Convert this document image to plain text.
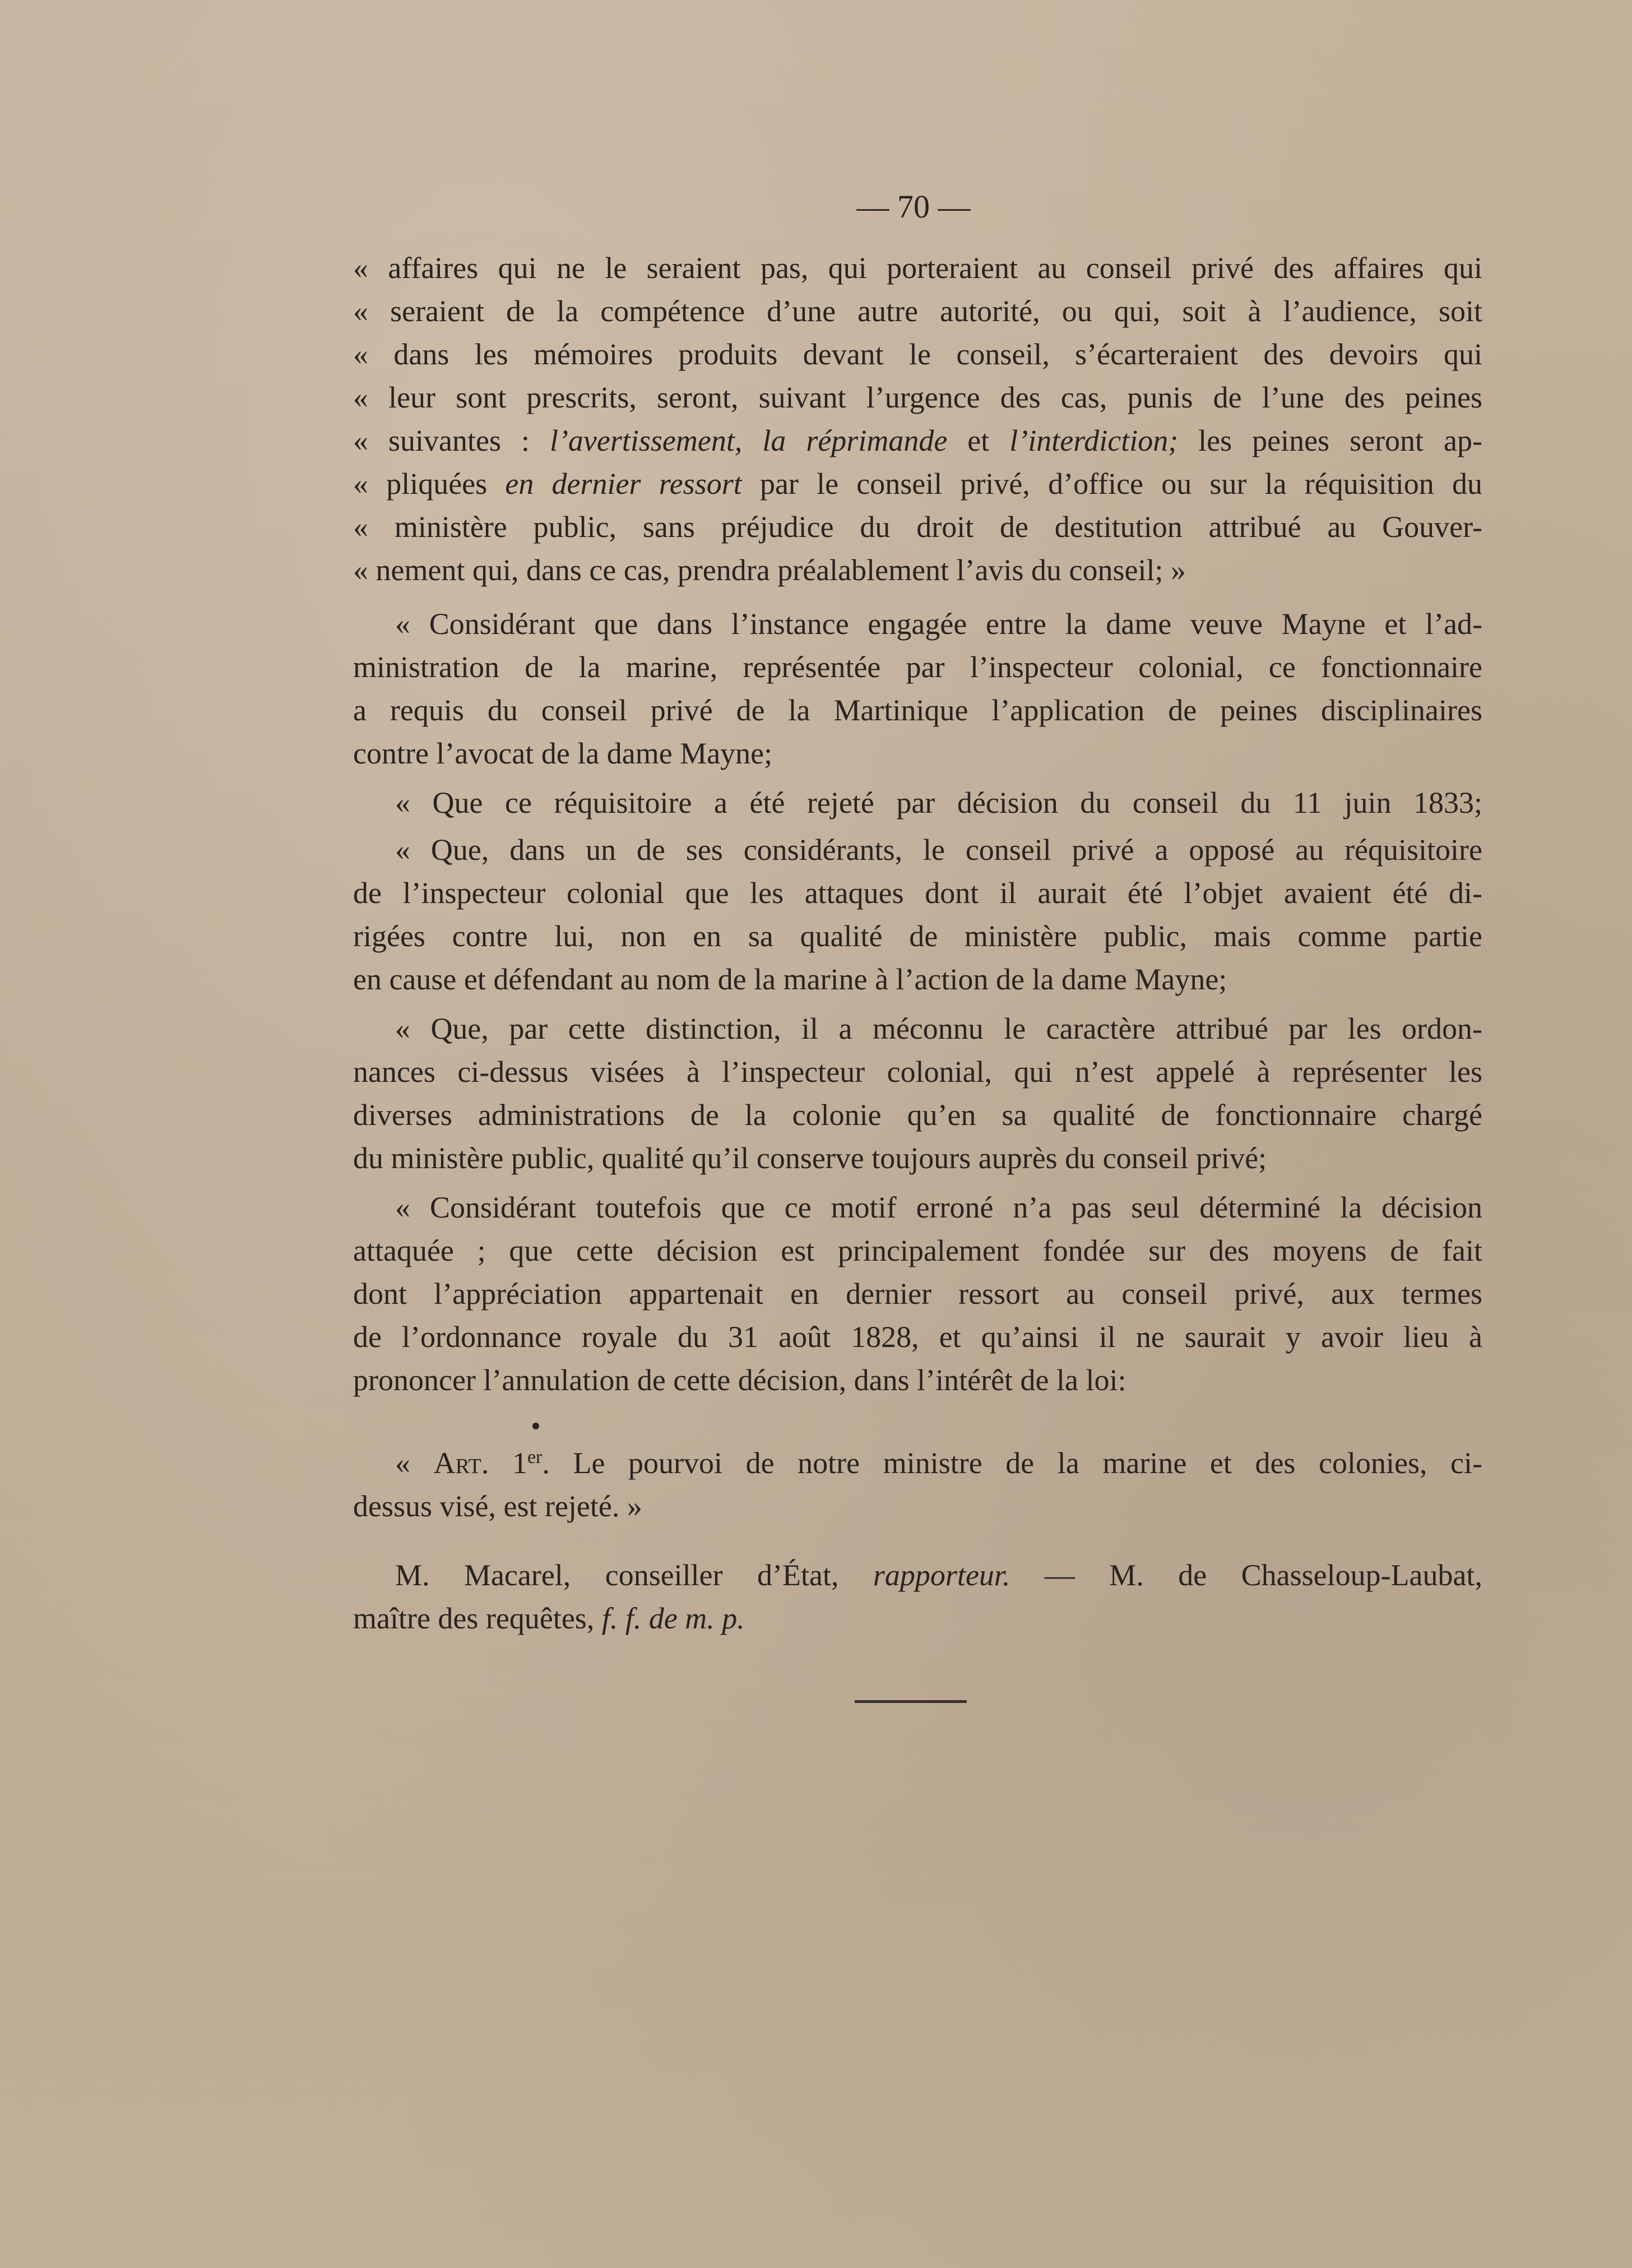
— 70 —
« affaires qui ne le seraient pas, qui porteraient au conseil privé des affaires qui
« seraient de la compétence d’une autre autorité, ou qui, soit à l’audience, soit
« dans les mémoires produits devant le conseil, s’écarteraient des devoirs qui
« leur sont prescrits, seront, suivant l’urgence des cas, punis de l’une des peines
« suivantes : l’avertissement, la réprimande et l’interdiction; les peines seront ap-
« pliquées en dernier ressort par le conseil privé, d’office ou sur la réquisition du
« ministère public, sans préjudice du droit de destitution attribué au Gouver-
« nement qui, dans ce cas, prendra préalablement l’avis du conseil; »
« Considérant que dans l’instance engagée entre la dame veuve Mayne et l’ad-
ministration de la marine, représentée par l’inspecteur colonial, ce fonctionnaire
a requis du conseil privé de la Martinique l’application de peines disciplinaires
contre l’avocat de la dame Mayne;
« Que ce réquisitoire a été rejeté par décision du conseil du 11 juin 1833;
« Que, dans un de ses considérants, le conseil privé a opposé au réquisitoire
de l’inspecteur colonial que les attaques dont il aurait été l’objet avaient été di-
rigées contre lui, non en sa qualité de ministère public, mais comme partie
en cause et défendant au nom de la marine à l’action de la dame Mayne;
« Que, par cette distinction, il a méconnu le caractère attribué par les ordon-
nances ci-dessus visées à l’inspecteur colonial, qui n’est appelé à représenter les
diverses administrations de la colonie qu’en sa qualité de fonctionnaire chargé
du ministère public, qualité qu’il conserve toujours auprès du conseil privé;
« Considérant toutefois que ce motif erroné n’a pas seul déterminé la décision
attaquée ; que cette décision est principalement fondée sur des moyens de fait
dont l’appréciation appartenait en dernier ressort au conseil privé, aux termes
de l’ordonnance royale du 31 août 1828, et qu’ainsi il ne saurait y avoir lieu à
prononcer l’annulation de cette décision, dans l’intérêt de la loi:
« Art. 1er. Le pourvoi de notre ministre de la marine et des colonies, ci-
dessus visé, est rejeté. »
M. Macarel, conseiller d’État, rapporteur. — M. de Chasseloup-Laubat,
maître des requêtes, f. f. de m. p.
